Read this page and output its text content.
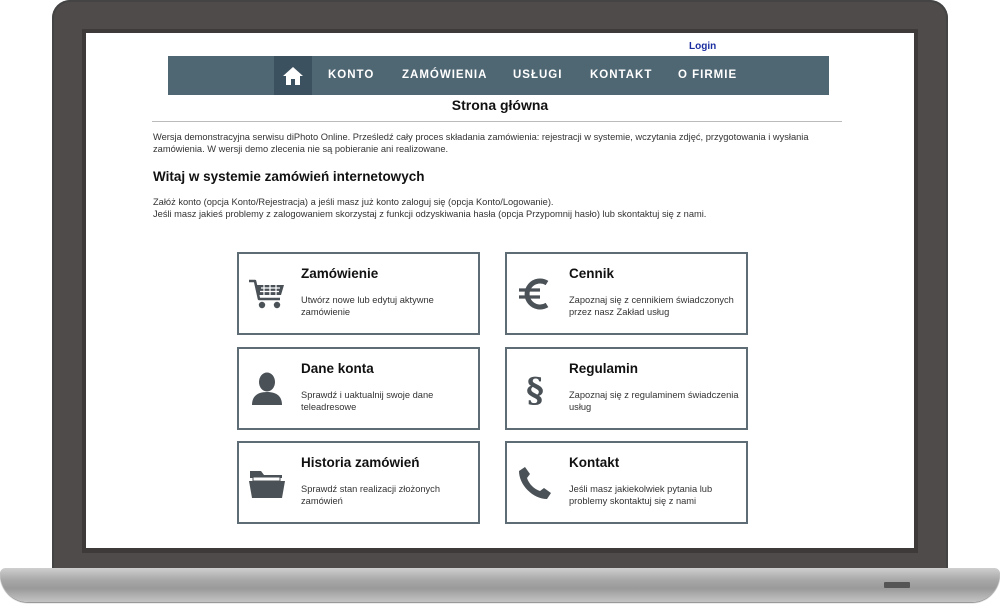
Login
KONTO ZAMÓWIENIA USŁUGI KONTAKT O FIRMIE
Strona główna
Wersja demonstracyjna serwisu diPhoto Online. Prześledź cały proces składania zamówienia: rejestracji w systemie, wczytania zdjęć, przygotowania i wysłania zamówienia. W wersji demo zlecenia nie są pobieranie ani realizowane.
Witaj w systemie zamówień internetowych
Załóż konto (opcja Konto/Rejestracja) a jeśli masz już konto zaloguj się (opcja Konto/Logowanie).
Jeśli masz jakieś problemy z zalogowaniem skorzystaj z funkcji odzyskiwania hasła (opcja Przypomnij hasło) lub skontaktuj się z nami.
Zamówienie
Utwórz nowe lub edytuj aktywne zamówienie
Cennik
Zapoznaj się z cennikiem świadczonych przez nasz Zakład usług
Dane konta
Sprawdź i uaktualnij swoje dane teleadresowe	§
Regulamin
Zapoznaj się z regulaminem świadczenia usług
Historia zamówień
Sprawdź stan realizacji złożonych zamówień
Kontakt
Jeśli masz jakiekolwiek pytania lub problemy skontaktuj się z nami
